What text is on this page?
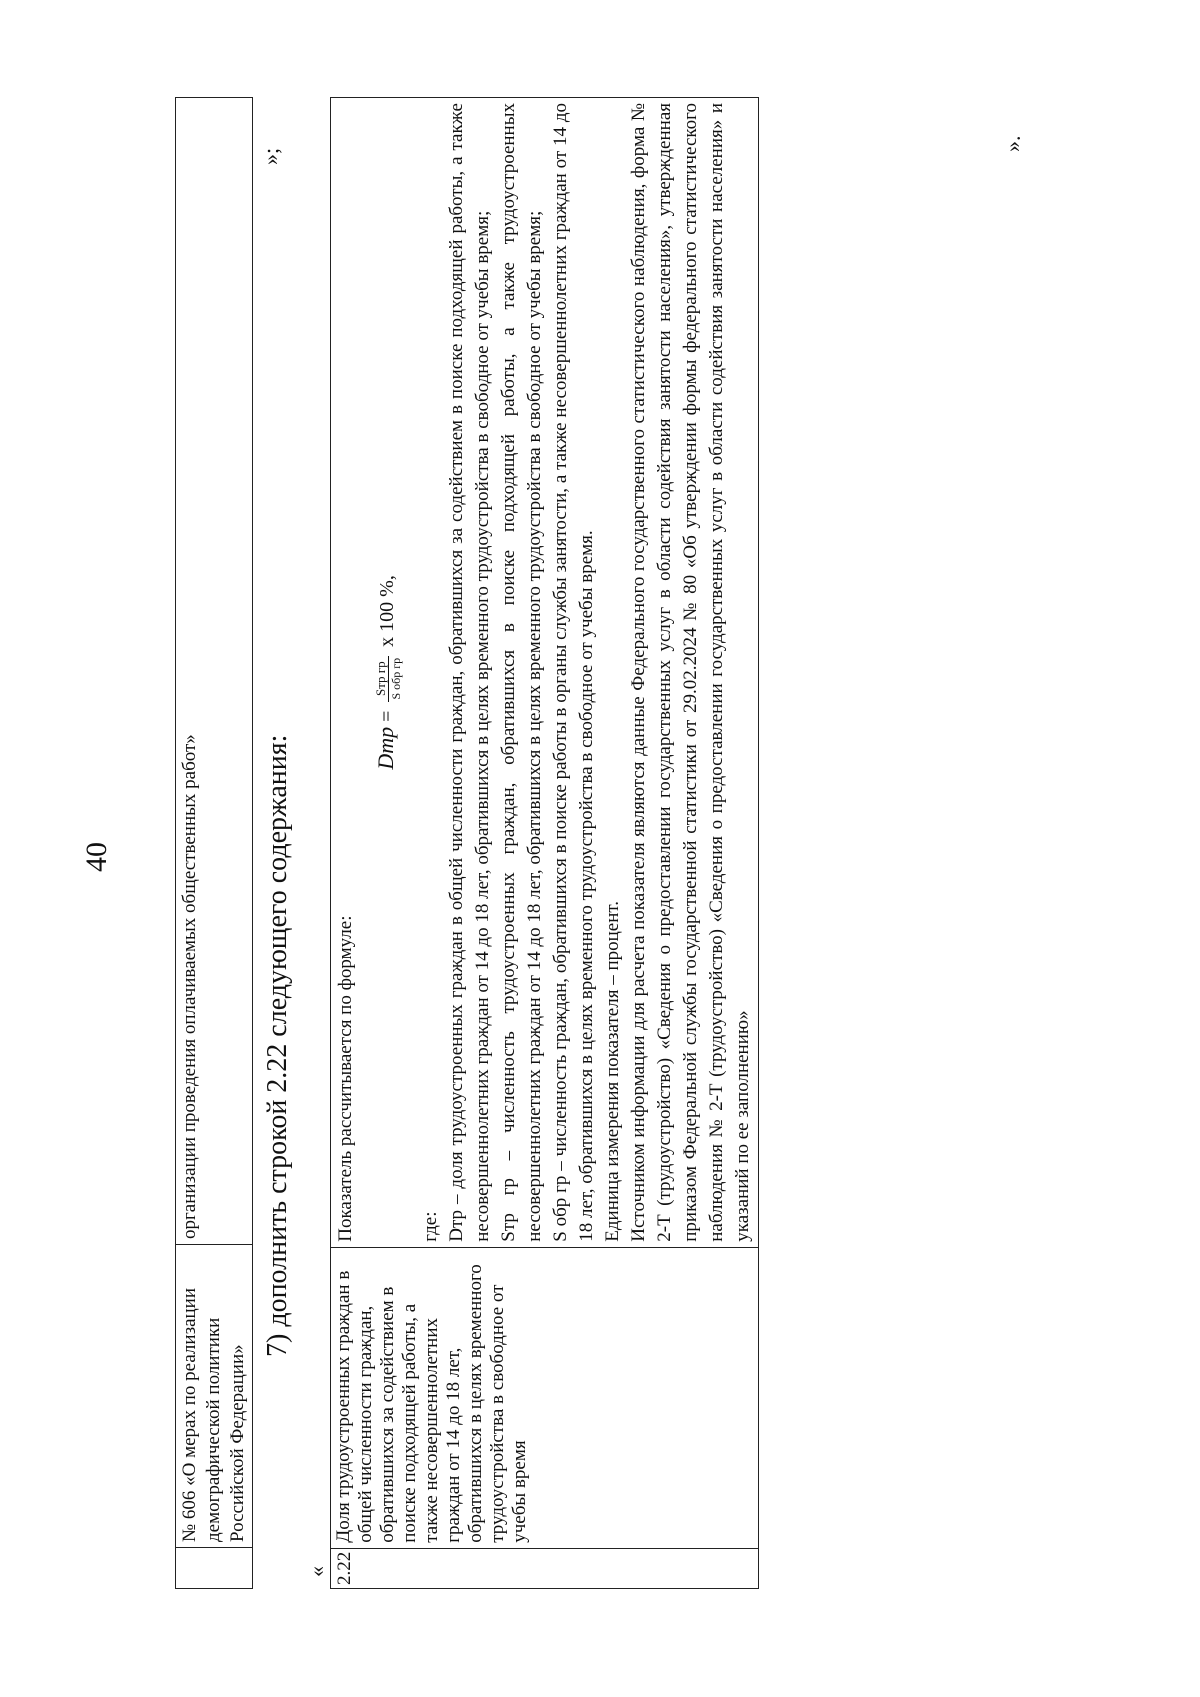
40
	№ 606 «О мерах по реализации демографической политики Российской Федерации»	организации проведения оплачиваемых общественных работ»
»;
7) дополнить строкой 2.22 следующего содержания:
« 2.22	Доля трудоустроенных граждан в общей численности граждан, обратившихся за содействием в поиске подходящей работы, а также несовершеннолетних граждан от 14 до 18 лет, обратившихся в целях временного трудоустройства в свободное от учебы время	

Показатель рассчитывается по формуле:

Dтр =
Sтр гр S обр гр
х 100 %,

где: Dтр – доля трудоустроенных граждан в общей численности граждан, обратившихся за содействием в поиске подходящей работы, а также несовершеннолетних граждан от 14 до 18 лет, обратившихся в целях временного трудоустройства в свободное от учебы время; Sтр гр – численность трудоустроенных граждан, обратившихся в поиске подходящей работы, а также трудоустроенных несовершеннолетних граждан от 14 до 18 лет, обратившихся в целях временного трудоустройства в свободное от учебы время; S обр гр – численность граждан, обратившихся в поиске работы в органы службы занятости, а также несовершеннолетних граждан от 14 до 18 лет, обратившихся в целях временного трудоустройства в свободное от учебы время. Единица измерения показателя – процент. Источником информации для расчета показателя являются данные Федерального государственного статистического наблюдения, форма № 2-Т (трудоустройство) «Сведения о предоставлении государственных услуг в области содействия занятости населения», утвержденная приказом Федеральной службы государственной статистики от 29.02.2024 № 80 «Об утверждении формы федерального статистического наблюдения № 2-Т (трудоустройство) «Сведения о предоставлении государственных услуг в области содействия занятости населения» и указаний по ее заполнению»

».
